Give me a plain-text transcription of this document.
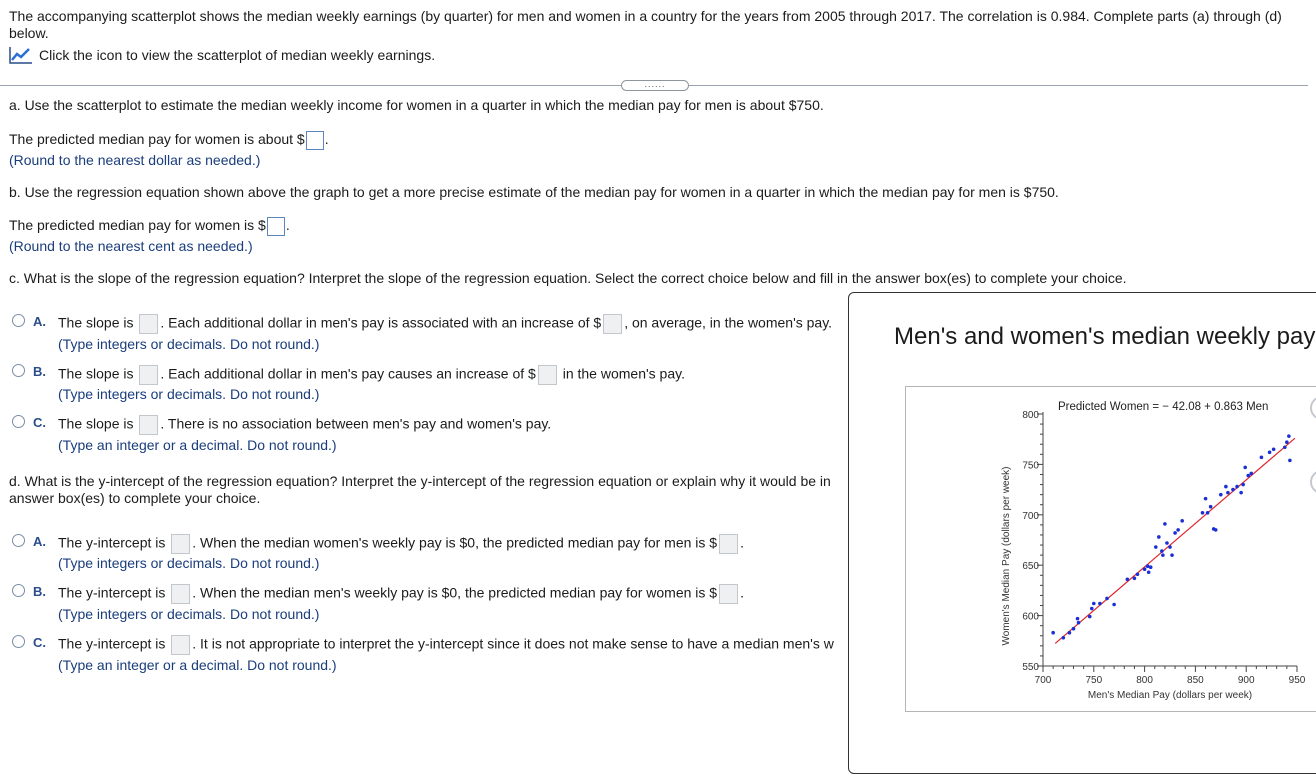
The accompanying scatterplot shows the median weekly earnings (by quarter) for men and women in a country for the years from 2005 through 2017. The correlation is 0.984. Complete parts (a) through (d) below.
Click the icon to view the scatterplot of median weekly earnings.
......
a. Use the scatterplot to estimate the median weekly income for women in a quarter in which the median pay for men is about $750.
The predicted median pay for women is about $ .
(Round to the nearest dollar as needed.)
b. Use the regression equation shown above the graph to get a more precise estimate of the median pay for women in a quarter in which the median pay for men is $750.
The predicted median pay for women is $ .
(Round to the nearest cent as needed.)
c. What is the slope of the regression equation? Interpret the slope of the regression equation. Select the correct choice below and fill in the answer box(es) to complete your choice.
A. The slope is . Each additional dollar in men's pay is associated with an increase of $ , on average, in the women's pay.
(Type integers or decimals. Do not round.)
B. The slope is . Each additional dollar in men's pay causes an increase of $ in the women's pay.
(Type integers or decimals. Do not round.)
C. The slope is . There is no association between men's pay and women's pay.
(Type an integer or a decimal. Do not round.)
d. What is the y-intercept of the regression equation? Interpret the y-intercept of the regression equation or explain why it would be in
answer box(es) to complete your choice.
A. The y-intercept is . When the median women's weekly pay is $0, the predicted median pay for men is $ .
(Type integers or decimals. Do not round.)
B. The y-intercept is . When the median men's weekly pay is $0, the predicted median pay for women is $ .
(Type integers or decimals. Do not round.)
C. The y-intercept is . It is not appropriate to interpret the y-intercept since it does not make sense to have a median men's w
(Type an integer or a decimal. Do not round.)
Men's and women's median weekly pay
Predicted Women = − 42.08 + 0.863 Men
Women's Median Pay (dollars per week)
Men's Median Pay (dollars per week)
550
600
650
700
750
800
700	750	800	850	900	950
